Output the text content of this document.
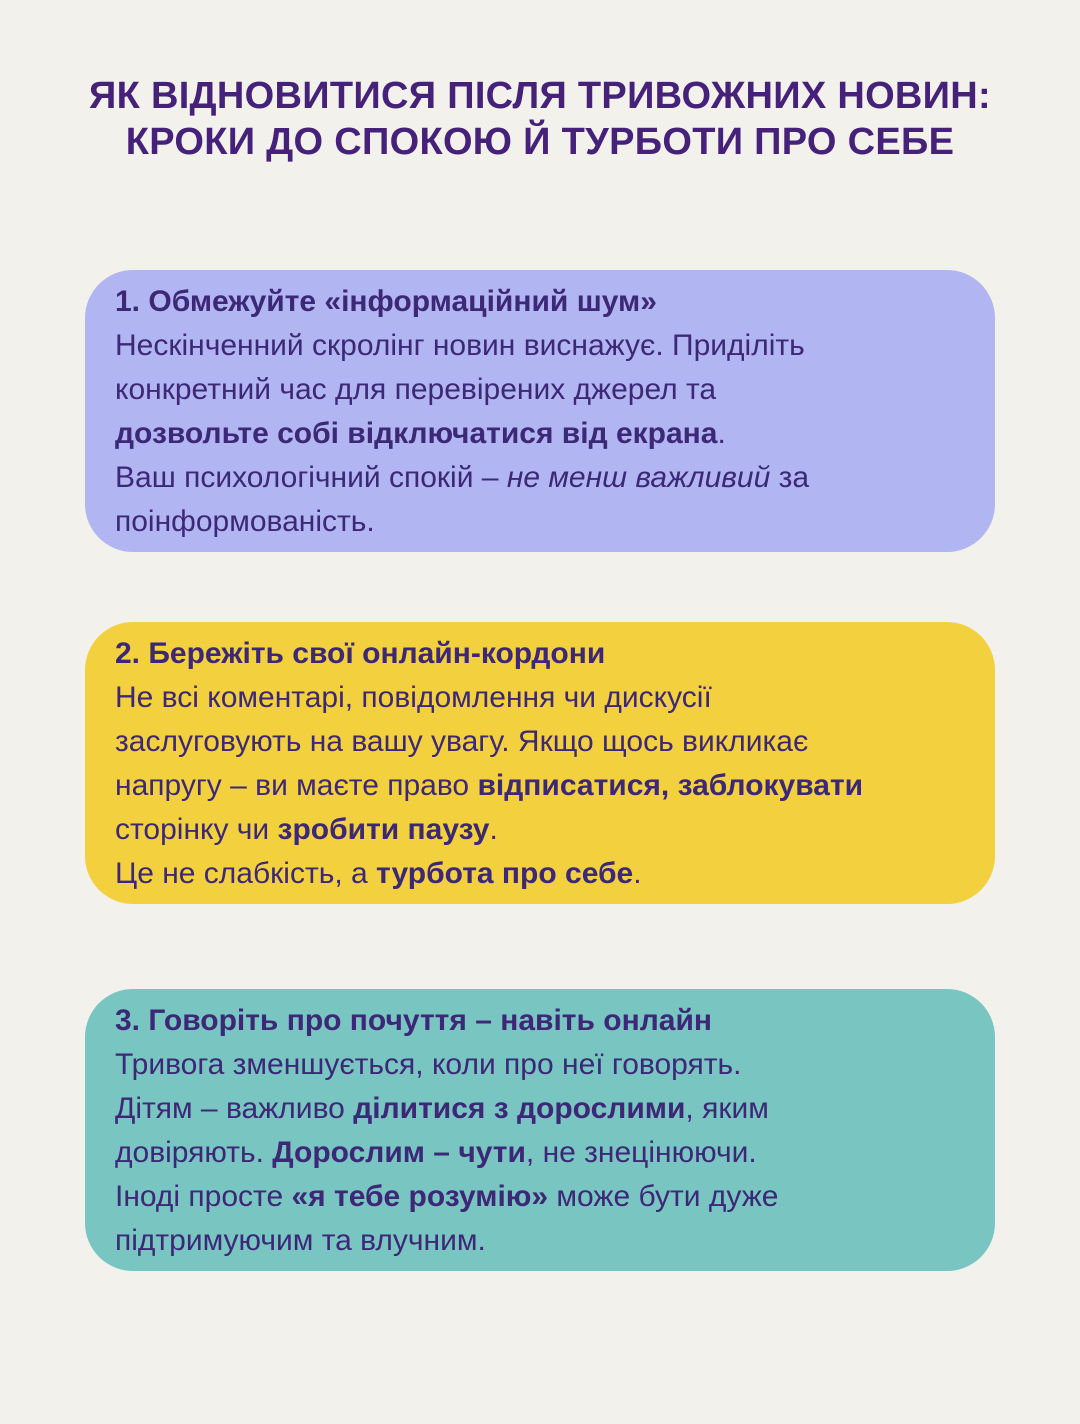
ЯК ВІДНОВИТИСЯ ПІСЛЯ ТРИВОЖНИХ НОВИН:
КРОКИ ДО СПОКОЮ Й ТУРБОТИ ПРО СЕБЕ
1. Обмежуйте «інформаційний шум»
Нескінченний скролінг новин виснажує. Приділіть
конкретний час для перевірених джерел та
дозвольте собі відключатися від екрана.
Ваш психологічний спокій – не менш важливий за
поінформованість.
2. Бережіть свої онлайн-кордони
Не всі коментарі, повідомлення чи дискусії
заслуговують на вашу увагу. Якщо щось викликає
напругу – ви маєте право відписатися, заблокувати
сторінку чи зробити паузу.
Це не слабкість, а турбота про себе.
3. Говоріть про почуття – навіть онлайн
Тривога зменшується, коли про неї говорять.
Дітям – важливо ділитися з дорослими, яким
довіряють. Дорослим – чути, не знецінюючи.
Іноді просте «я тебе розумію» може бути дуже
підтримуючим та влучним.
